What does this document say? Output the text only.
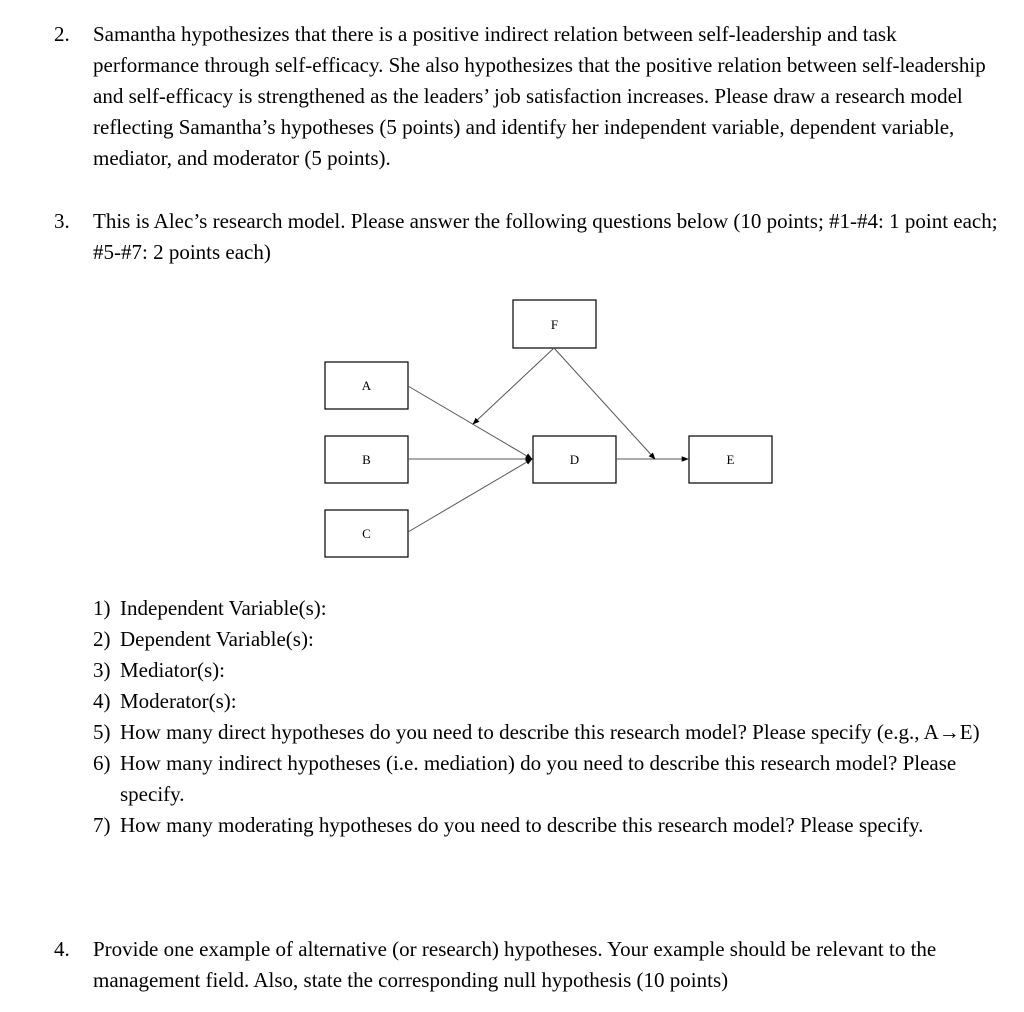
2. Samantha hypothesizes that there is a positive indirect relation between self-leadership and task performance through self-efficacy. She also hypothesizes that the positive relation between self-leadership and self-efficacy is strengthened as the leaders’ job satisfaction increases. Please draw a research model reflecting Samantha’s hypotheses (5 points) and identify her independent variable, dependent variable, mediator, and moderator (5 points).
3. This is Alec’s research model. Please answer the following questions below (10 points; #1-#4: 1 point each; #5-#7: 2 points each)
F
A
B
C
D	E
1) Independent Variable(s):
2) Dependent Variable(s):
3) Mediator(s):
4) Moderator(s):
5) How many direct hypotheses do you need to describe this research model? Please specify (e.g., A→E)
6) How many indirect hypotheses (i.e. mediation) do you need to describe this research model? Please specify.
7) How many moderating hypotheses do you need to describe this research model? Please specify.
4. Provide one example of alternative (or research) hypotheses. Your example should be relevant to the management field. Also, state the corresponding null hypothesis (10 points)
